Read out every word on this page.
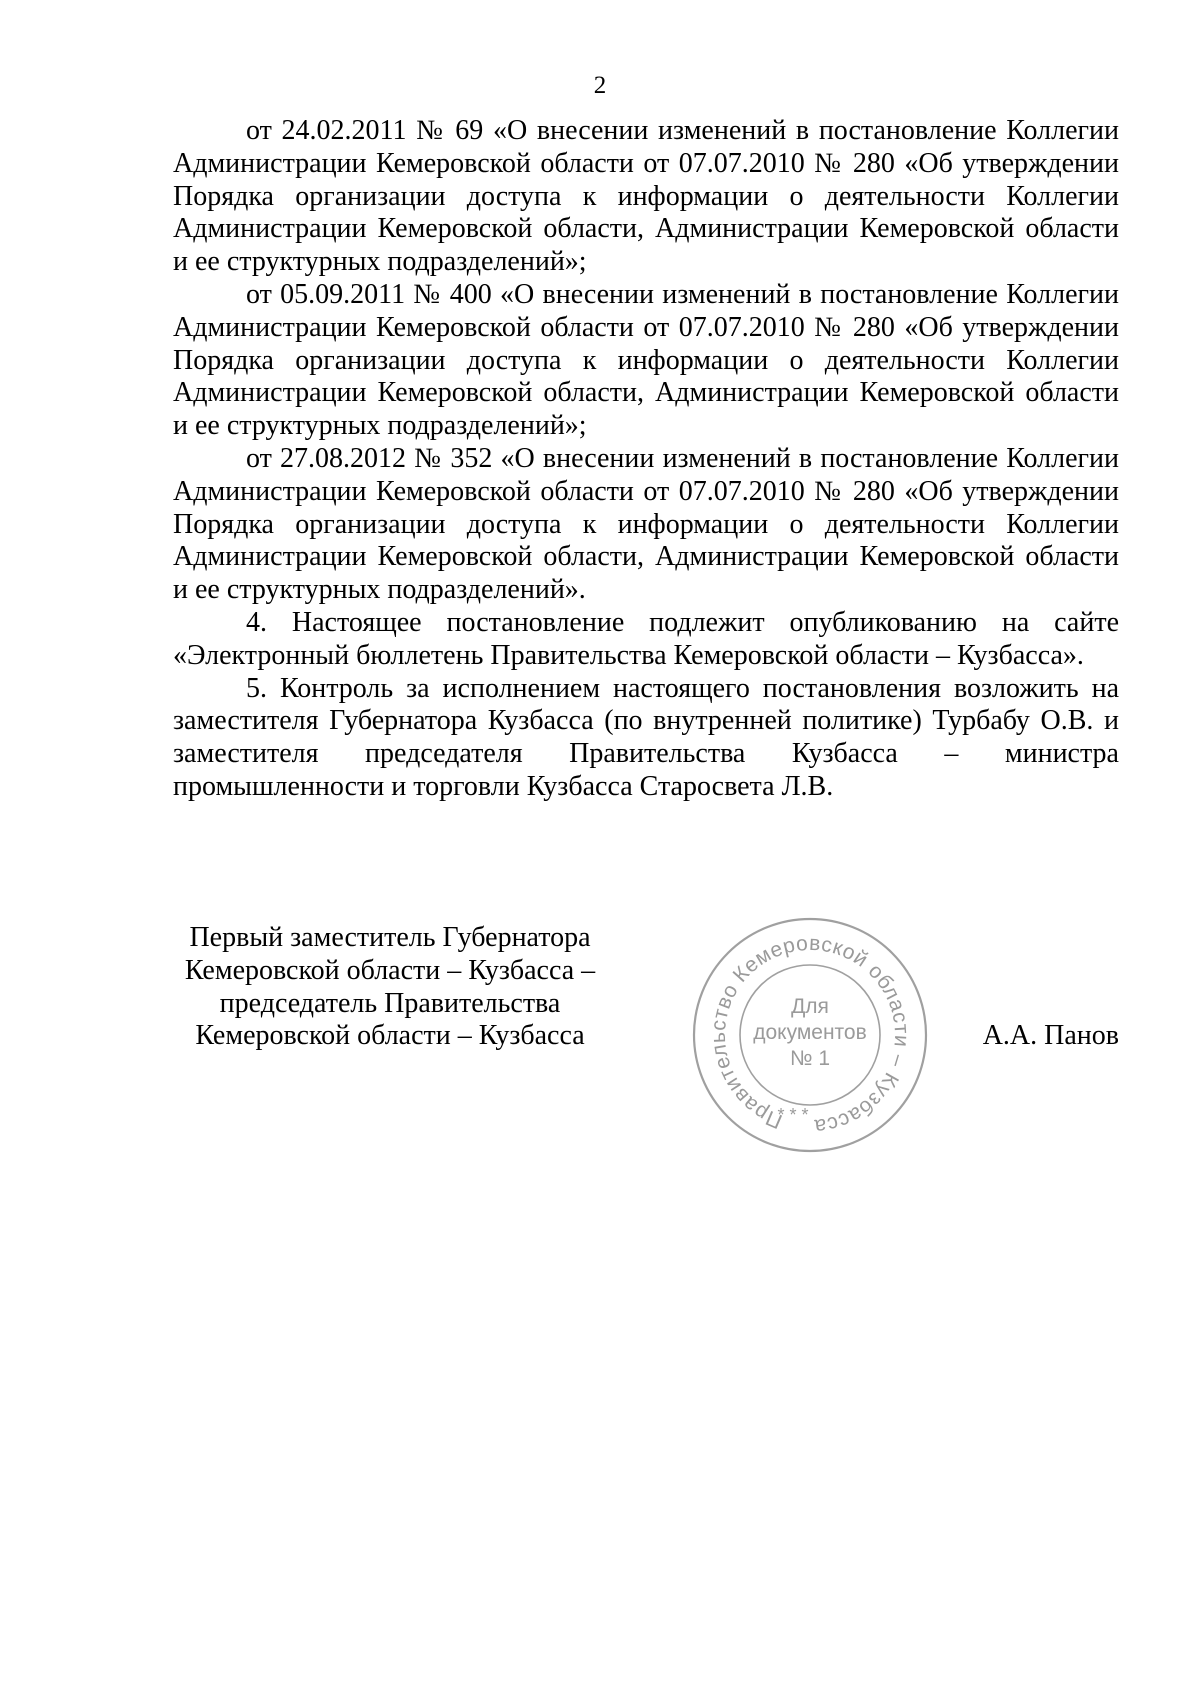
2

от 24.02.2011 № 69 «О внесении изменений в постановление Коллегии Администрации Кемеровской области от 07.07.2010 № 280 «Об утверждении Порядка организации доступа к информации о деятельности Коллегии Администрации Кемеровской области, Администрации Кемеровской области и ее структурных подразделений»;

от 05.09.2011 № 400 «О внесении изменений в постановление Коллегии Администрации Кемеровской области от 07.07.2010 № 280 «Об утверждении Порядка организации доступа к информации о деятельности Коллегии Администрации Кемеровской области, Администрации Кемеровской области и ее структурных подразделений»;

от 27.08.2012 № 352 «О внесении изменений в постановление Коллегии Администрации Кемеровской области от 07.07.2010 № 280 «Об утверждении Порядка организации доступа к информации о деятельности Коллегии Администрации Кемеровской области, Администрации Кемеровской области и ее структурных подразделений».

4. Настоящее постановление подлежит опубликованию на сайте «Электронный бюллетень Правительства Кемеровской области – Кузбасса».

5. Контроль за исполнением настоящего постановления возложить на заместителя Губернатора Кузбасса (по внутренней политике) Турбабу О.В. и заместителя председателя Правительства Кузбасса – министра промышленности и торговли Кузбасса Старосвета Л.В.

Первый заместитель Губернатора
Кемеровской области – Кузбасса –
председатель Правительства
Кемеровской области – Кузбасса
Правительство Кемеровской области – Кузбасса
* * *
Для
документов
№ 1
А.А. Панов
